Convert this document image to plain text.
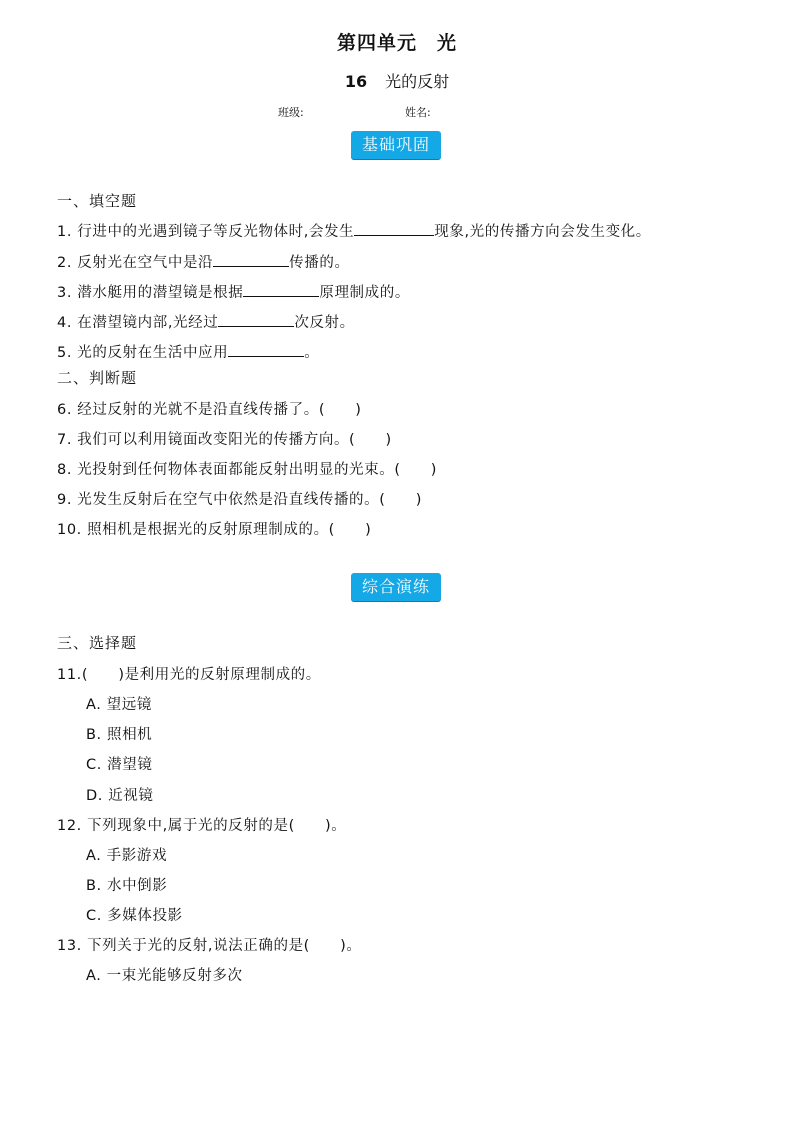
第四单元　光
16 光的反射
班级:	姓名:
基础巩固
一、填空题
1. 行进中的光遇到镜子等反光物体时,会发生	现象,光的传播方向会发生变化。
2. 反射光在空气中是沿	传播的。
3. 潜水艇用的潜望镜是根据	原理制成的。
4. 在潜望镜内部,光经过	次反射。
5. 光的反射在生活中应用	。
二、判断题
6. 经过反射的光就不是沿直线传播了。(　　)
7. 我们可以利用镜面改变阳光的传播方向。(　　)
8. 光投射到任何物体表面都能反射出明显的光束。(　　)
9. 光发生反射后在空气中依然是沿直线传播的。(　　)
10. 照相机是根据光的反射原理制成的。(　　)
综合演练
三、选择题
11.(　　)是利用光的反射原理制成的。
A. 望远镜
B. 照相机
C. 潜望镜
D. 近视镜
12. 下列现象中,属于光的反射的是(　　)。
A. 手影游戏
B. 水中倒影
C. 多媒体投影
13. 下列关于光的反射,说法正确的是(　　)。
A. 一束光能够反射多次
